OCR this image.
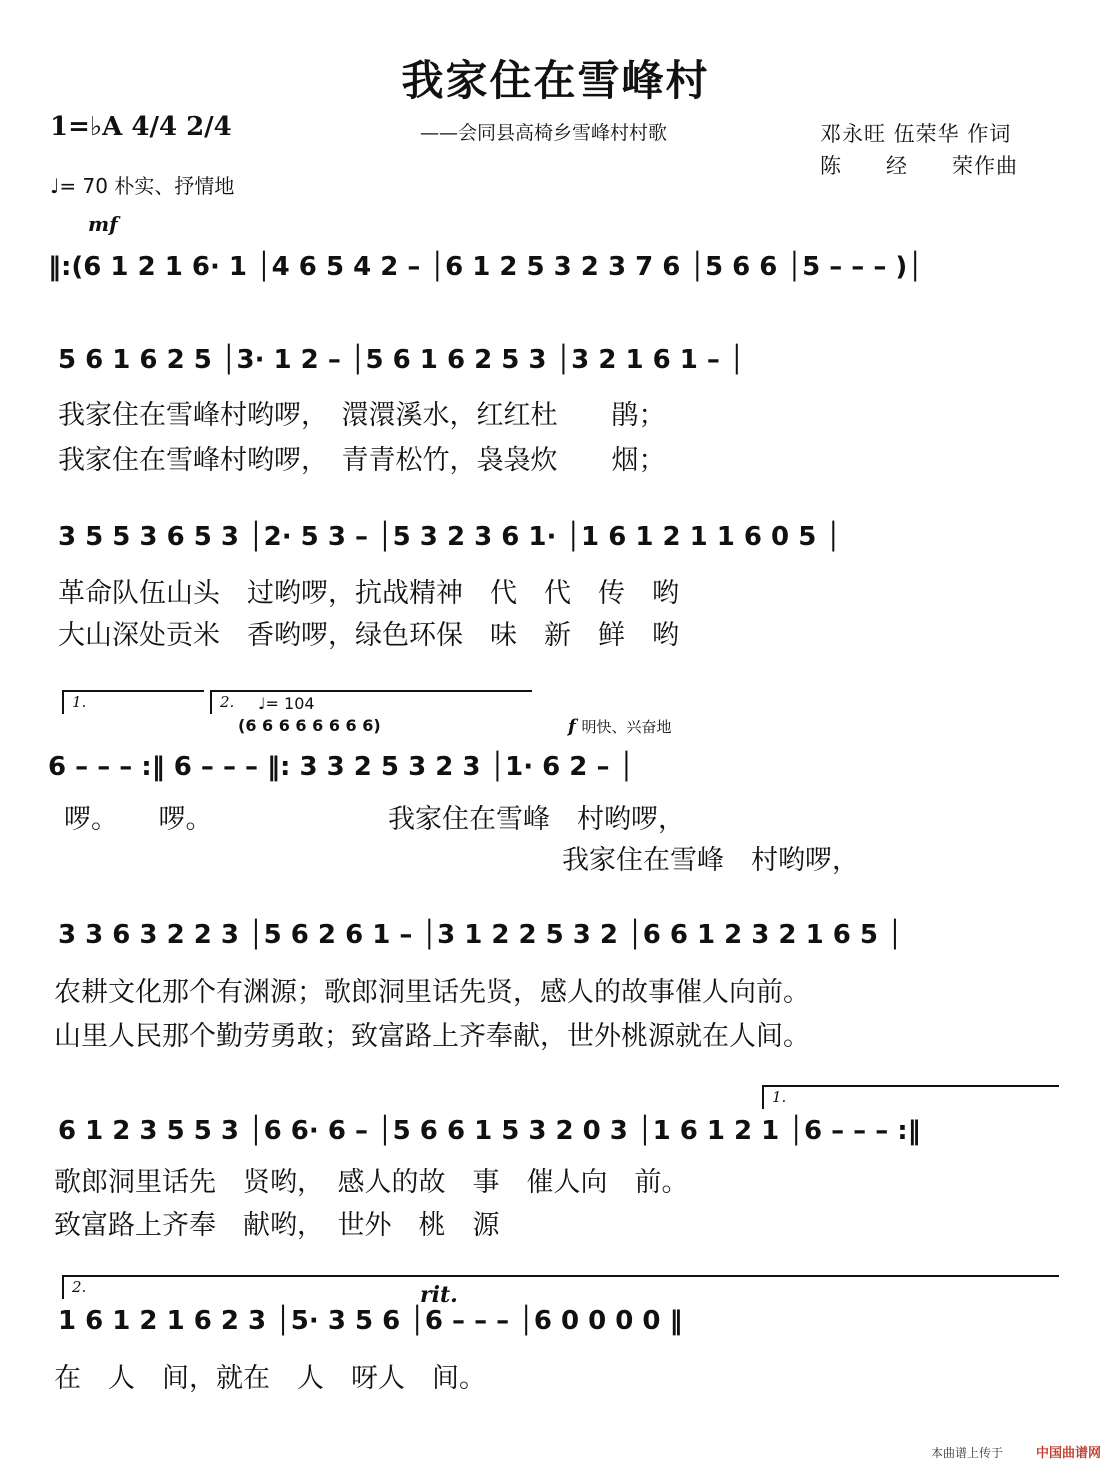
我家住在雪峰村
——会同县高椅乡雪峰村村歌	邓永旺 伍荣华 作词
陈　　经　　荣作曲
1=♭A 4/4 2/4
♩= 70 朴实、抒情地
mf
‖:(6 1 2 1 6· 1 │4 6 5 4 2 – │6 1 2 5 3 2 3 7 6 │5 6 6 │5 – – – )│
5 6 1 6 2 5 │3· 1 2 – │5 6 1 6 2 5 3 │3 2 1 6 1 – │
我家住在雪峰村哟啰，　澴澴溪水，红红杜　　鹃；
我家住在雪峰村哟啰，　青青松竹，袅袅炊　　烟；
3 5 5 3 6 5 3 │2· 5 3 – │5 3 2 3 6 1· │1 6 1 2 1 1 6 0 5 │
革命队伍山头　过哟啰，抗战精神　代　代　传　哟
大山深处贡米　香哟啰，绿色环保　味　新　鲜　哟
1.	2. ♩= 104
(6 6 6 6 6 6 6 6)	f 明快、兴奋地
6 – – – :‖ 6 – – – ‖: 3 3 2 5 3 2 3 │1· 6 2 – │
啰。　　啰。　　　　　　　我家住在雪峰　村哟啰，
我家住在雪峰　村哟啰，
3 3 6 3 2 2 3 │5 6 2 6 1 – │3 1 2 2 5 3 2 │6 6 1 2 3 2 1 6 5 │
农耕文化那个有渊源；歌郎洞里话先贤，感人的故事催人向前。
山里人民那个勤劳勇敢；致富路上齐奉献，世外桃源就在人间。
1.
6 1 2 3 5 5 3 │6 6· 6 – │5 6 6 1 5 3 2 0 3 │1 6 1 2 1 │6 – – – :‖
歌郎洞里话先　贤哟，　感人的故　事　催人向　前。
致富路上齐奉　献哟，　世外　桃　源
2.	rit.
1 6 1 2 1 6 2 3 │5· 3 5 6 │6 – – – │6 0 0 0 0 ‖
在　人　间，就在　人　呀人　间。
本曲谱上传于	中国曲谱网
